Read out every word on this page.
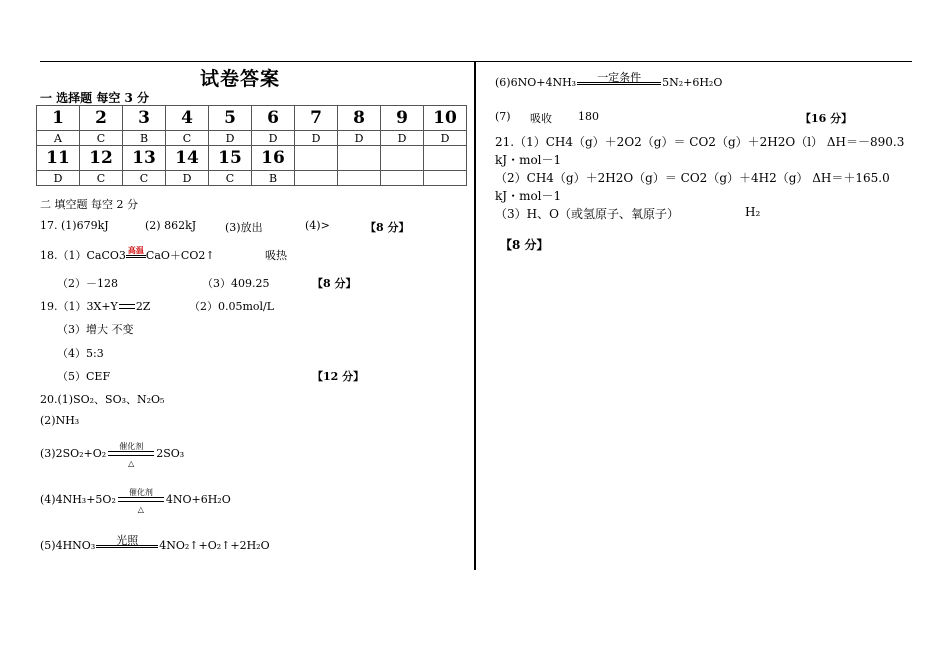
试卷答案
一 选择题 每空 3 分
1	2	3	4	5	6	7	8	9	10
A	C	B	C	D	D	D	D	D	D
11	12	13	14	15	16				
D	C	C	D	C	B				
二 填空题 每空 2 分
17. (1)679kJ	(2) 862kJ	(3)放出	(4)>	【8 分】
18.（1）CaCO3 高温 CaO＋CO2↑	吸热
（2）－128	（3）409.25	【8 分】
19.（1）3X+Y 2Z	（2）0.05mol/L
（3）增大 不变
（4）5:3
（5）CEF	【12 分】
20.(1)SO₂、SO₃、N₂O₅
(2)NH₃
(3)2SO₂+O₂
催化剂
△
2SO₃
(4)4NH₃+5O₂
催化剂
△
4NO+6H₂O
(5)4HNO₃	光照	4NO₂↑+O₂↑+2H₂O
(6)6NO+4NH₃	一定条件	5N₂+6H₂O
(7) 吸收 180	【16 分】
21.（1）CH4（g）＋2O2（g）＝ CO2（g）＋2H2O（l） ΔH＝－890.3
kJ・mol－1
（2）CH4（g）＋2H2O（g）＝ CO2（g）＋4H2（g） ΔH＝＋165.0
kJ・mol－1
（3）H、O（或氢原子、氧原子）	H₂
【8 分】
